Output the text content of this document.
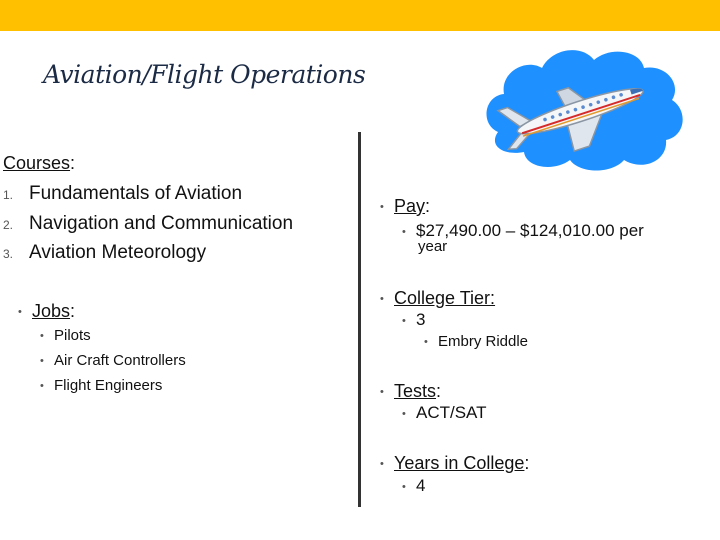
Aviation/Flight Operations
Courses:
1. Fundamentals of Aviation
2. Navigation and Communication
3. Aviation Meteorology
• Jobs:
• Pilots
• Air Craft Controllers
• Flight Engineers
• Pay:
• $27,490.00 – $124,010.00 per
year
• College Tier:
• 3
• Embry Riddle
• Tests:
• ACT/SAT
• Years in College:
• 4
